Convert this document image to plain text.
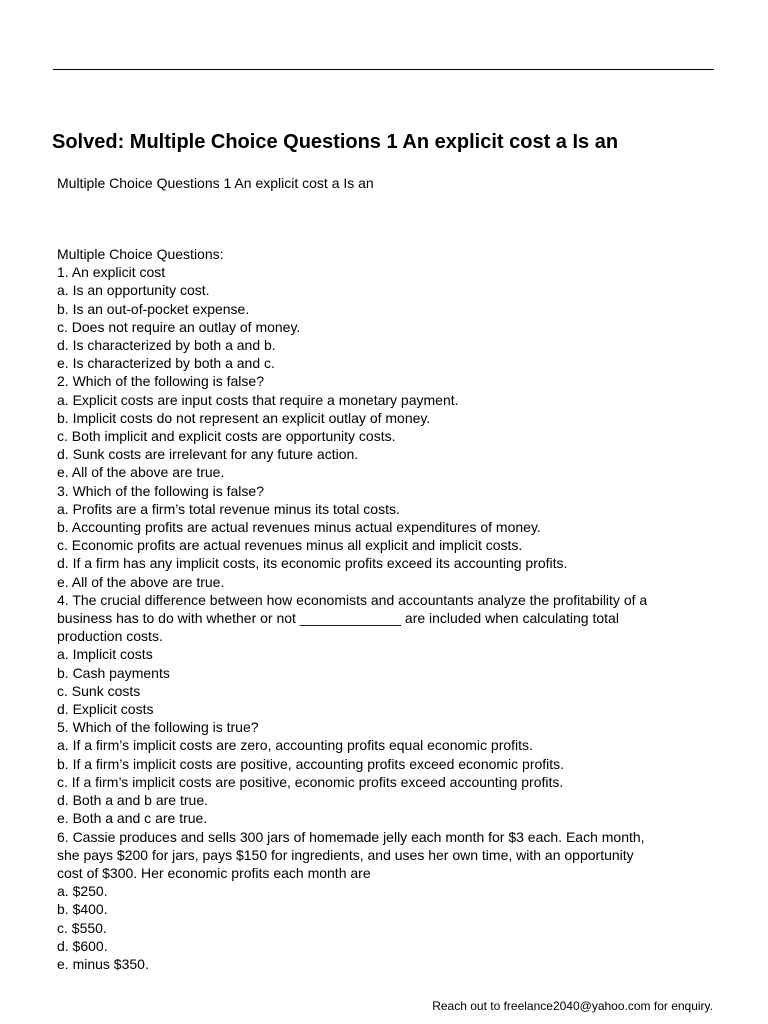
Solved: Multiple Choice Questions 1 An explicit cost a Is an
Multiple Choice Questions 1 An explicit cost a Is an
Multiple Choice Questions:
1. An explicit cost
a. Is an opportunity cost.
b. Is an out-of-pocket expense.
c. Does not require an outlay of money.
d. Is characterized by both a and b.
e. Is characterized by both a and c.
2. Which of the following is false?
a. Explicit costs are input costs that require a monetary payment.
b. Implicit costs do not represent an explicit outlay of money.
c. Both implicit and explicit costs are opportunity costs.
d. Sunk costs are irrelevant for any future action.
e. All of the above are true.
3. Which of the following is false?
a. Profits are a firm’s total revenue minus its total costs.
b. Accounting profits are actual revenues minus actual expenditures of money.
c. Economic profits are actual revenues minus all explicit and implicit costs.
d. If a firm has any implicit costs, its economic profits exceed its accounting profits.
e. All of the above are true.
4. The crucial difference between how economists and accountants analyze the profitability of a
business has to do with whether or not _____________ are included when calculating total
production costs.
a. Implicit costs
b. Cash payments
c. Sunk costs
d. Explicit costs
5. Which of the following is true?
a. If a firm’s implicit costs are zero, accounting profits equal economic profits.
b. If a firm’s implicit costs are positive, accounting profits exceed economic profits.
c. If a firm’s implicit costs are positive, economic profits exceed accounting profits.
d. Both a and b are true.
e. Both a and c are true.
6. Cassie produces and sells 300 jars of homemade jelly each month for $3 each. Each month,
she pays $200 for jars, pays $150 for ingredients, and uses her own time, with an opportunity
cost of $300. Her economic profits each month are
a. $250.
b. $400.
c. $550.
d. $600.
e. minus $350.
Reach out to freelance2040@yahoo.com for enquiry.
